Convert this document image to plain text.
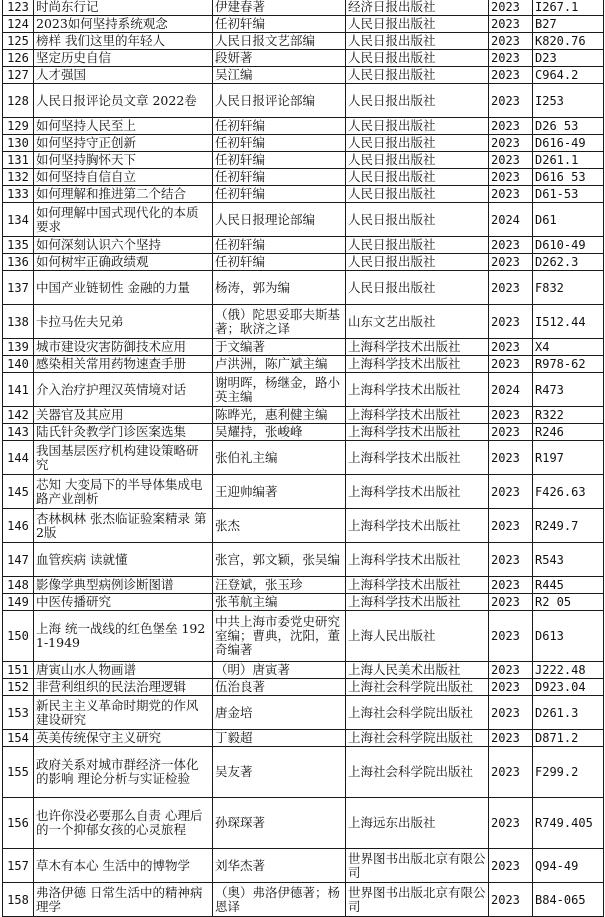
123	时尚东行记	伊建春著	经济日报出版社	2023	I267.1
124	2023如何坚持系统观念	任初轩编	人民日报出版社	2023	B27
125	榜样 我们这里的年轻人	人民日报文艺部编	人民日报出版社	2023	K820.76
126	坚定历史自信	段妍著	人民日报出版社	2023	D23
127	人才强国	吴江编	人民日报出版社	2023	C964.2
128	人民日报评论员文章 2022卷	人民日报评论部编	人民日报出版社	2023	I253
129	如何坚持人民至上	任初轩编	人民日报出版社	2023	D26 53
130	如何坚持守正创新	任初轩编	人民日报出版社	2023	D616-49
131	如何坚持胸怀天下	任初轩编	人民日报出版社	2023	D261.1
132	如何坚持自信自立	任初轩编	人民日报出版社	2023	D616 53
133	如何理解和推进第二个结合	任初轩编	人民日报出版社	2023	D61-53
134	如何理解中国式现代化的本质要求	人民日报理论部编	人民日报出版社	2024	D61
135	如何深刻认识六个坚持	任初轩编	人民日报出版社	2023	D610-49
136	如何树牢正确政绩观	任初轩编	人民日报出版社	2023	D262.3
137	中国产业链韧性 金融的力量	杨涛，郭为编	人民日报出版社	2023	F832
138	卡拉马佐夫兄弟	（俄）陀思妥耶夫斯基著；耿济之译	山东文艺出版社	2023	I512.44
139	城市建设灾害防御技术应用	于文编著	上海科学技术出版社	2023	X4
140	感染相关常用药物速查手册	卢洪洲，陈广斌主编	上海科学技术出版社	2023	R978-62
141	介入治疗护理汉英情境对话	谢明晖，杨继金，路小英主编	上海科学技术出版社	2024	R473
142	关器官及其应用	陈晔光，惠利健主编	上海科学技术出版社	2023	R322
143	陆氏针灸教学门诊医案选集	吴耀持，张峻峰	上海科学技术出版社	2023	R246
144	我国基层医疗机构建设策略研究	张伯礼主编	上海科学技术出版社	2023	R197
145	芯知 大变局下的半导体集成电路产业剖析	王迎帅编著	上海科学技术出版社	2023	F426.63
146	杏林枫林 张杰临证验案精录 第2版	张杰	上海科学技术出版社	2023	R249.7
147	血管疾病 读就懂	张宫，郭文颖，张吴编	上海科学技术出版社	2023	R543
148	影像学典型病例诊断图谱	汪登斌，张玉珍	上海科学技术出版社	2023	R445
149	中医传播研究	张苇航主编	上海科学技术出版社	2023	R2 05
150	上海 统一战线的红色堡垒 1921-1949	中共上海市委党史研究室编；曹典，沈阳，董奇编著	上海人民出版社	2023	D613
151	唐寅山水人物画谱	（明）唐寅著	上海人民美术出版社	2023	J222.48
152	非营利组织的民法治理逻辑	伍治良著	上海社会科学院出版社	2023	D923.04
153	新民主主义革命时期党的作风建设研究	唐金培	上海社会科学院出版社	2023	D261.3
154	英美传统保守主义研究	丁毅超	上海社会科学院出版社	2023	D871.2
155	政府关系对城市群经济一体化的影响 理论分析与实证检验	吴友著	上海社会科学院出版社	2023	F299.2
156	也许你没必要那么自责 心理后的一个抑郁女孩的心灵旅程	孙琛琛著	上海远东出版社	2023	R749.405
157	草木有本心 生活中的博物学	刘华杰著	世界图书出版北京有限公司	2023	Q94-49
158	弗洛伊德 日常生活中的精神病理学	（奥）弗洛伊德著；杨恩译	世界图书出版北京有限公司	2023	B84-065
